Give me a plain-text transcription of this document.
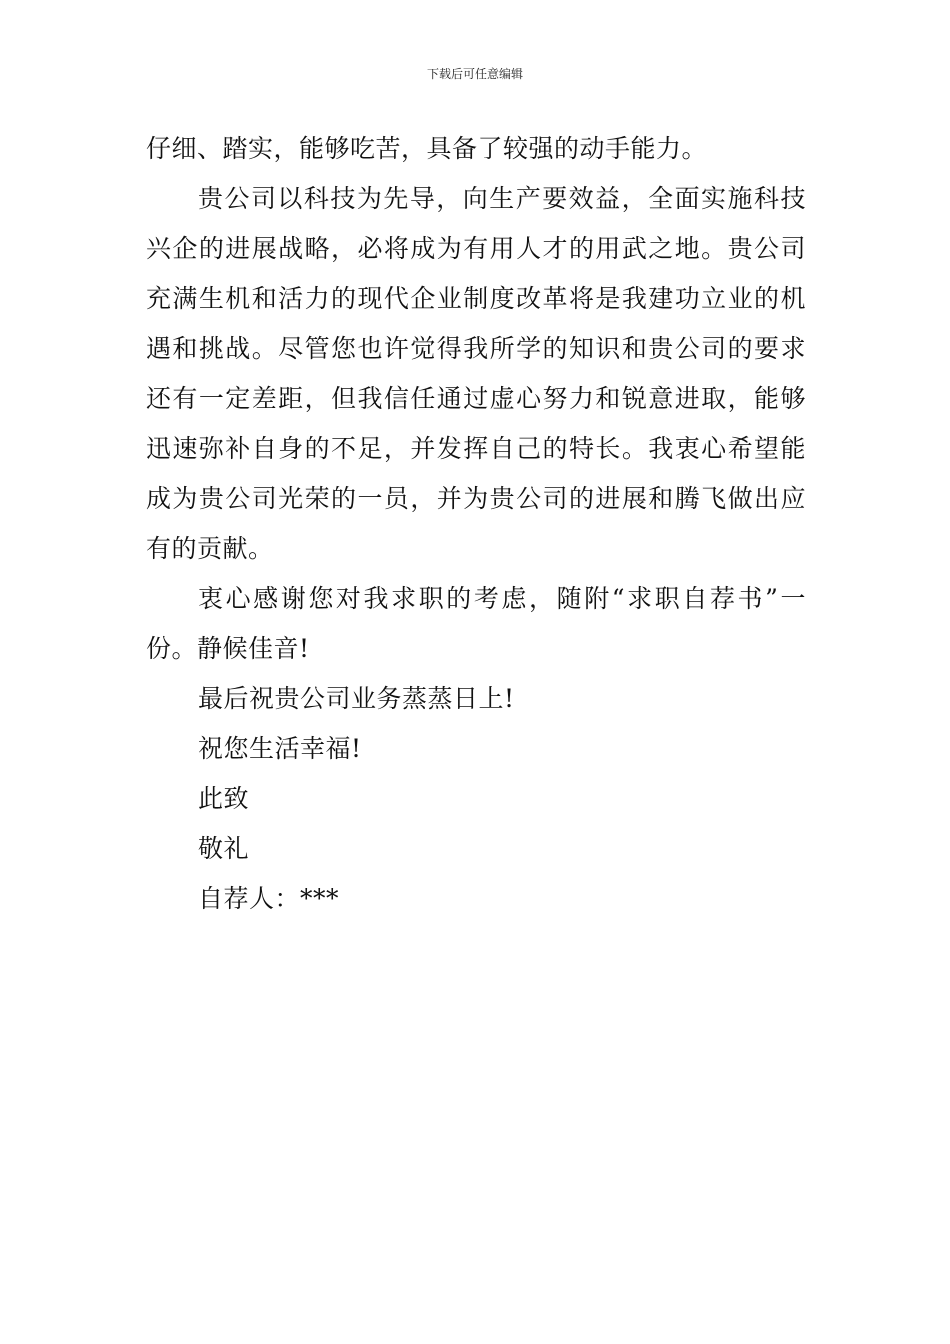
下载后可任意编辑

仔细、踏实，能够吃苦，具备了较强的动手能力。

贵公司以科技为先导，向生产要效益，全面实施科技兴企的进展战略，必将成为有用人才的用武之地。贵公司充满生机和活力的现代企业制度改革将是我建功立业的机遇和挑战。尽管您也许觉得我所学的知识和贵公司的要求还有一定差距，但我信任通过虚心努力和锐意进取，能够迅速弥补自身的不足，并发挥自己的特长。我衷心希望能成为贵公司光荣的一员，并为贵公司的进展和腾飞做出应有的贡献。

衷心感谢您对我求职的考虑，随附“求职自荐书”一份。静候佳音!

最后祝贵公司业务蒸蒸日上!

祝您生活幸福!

此致

敬礼

自荐人：***
